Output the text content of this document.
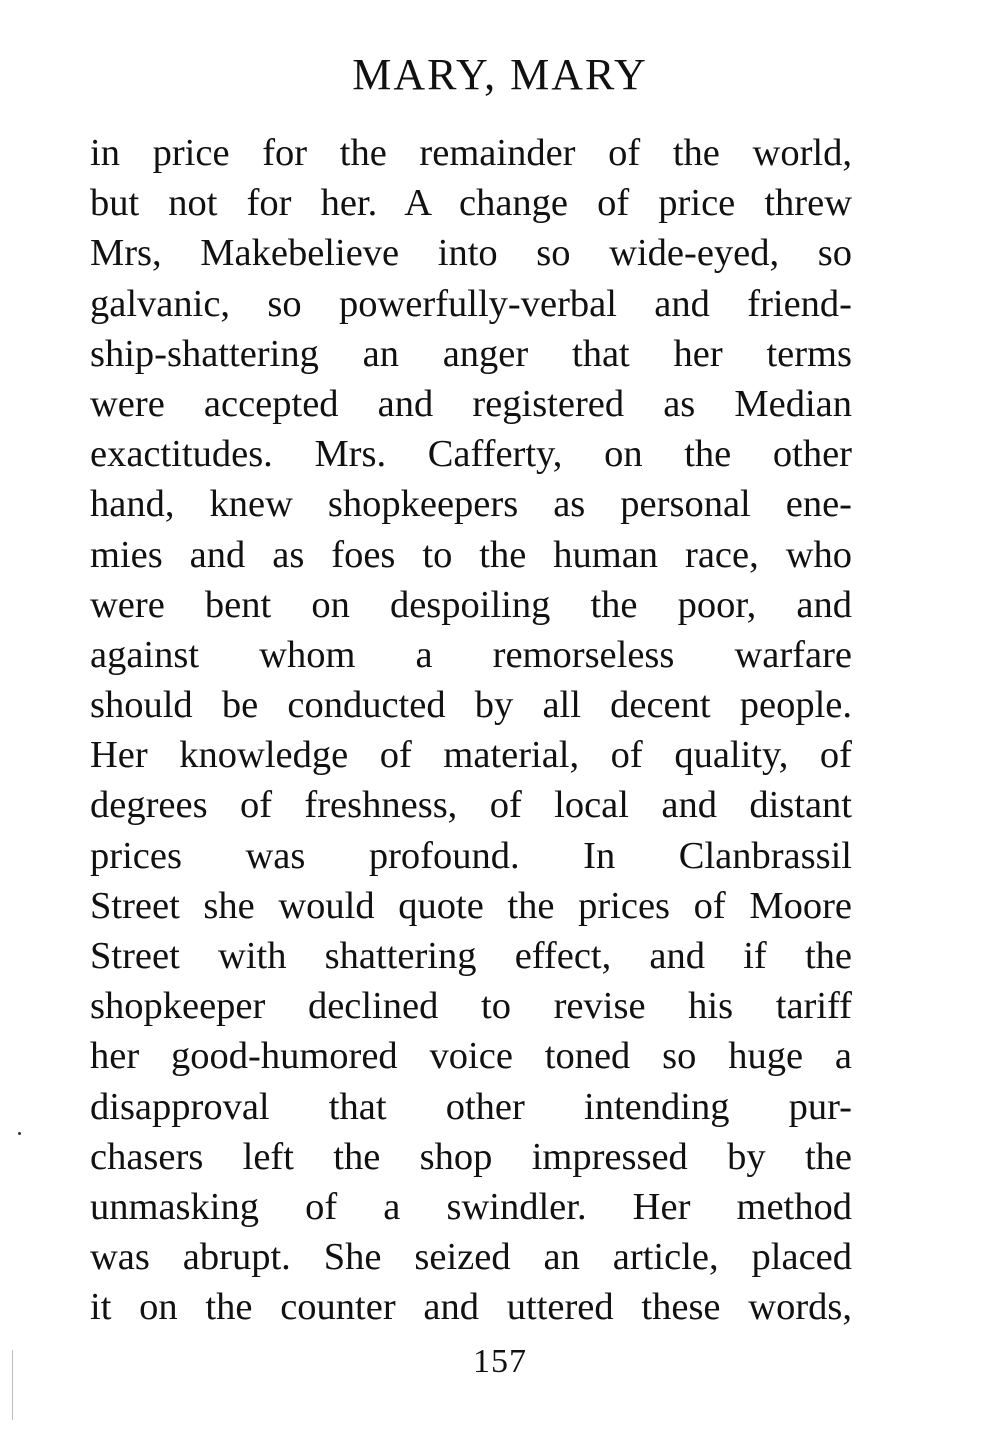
MARY, MARY
in price for the remainder of the world,
but not for her. A change of price threw
Mrs, Makebelieve into so wide-eyed, so
galvanic, so powerfully-verbal and friend-
ship-shattering an anger that her terms
were accepted and registered as Median
exactitudes. Mrs. Cafferty, on the other
hand, knew shopkeepers as personal ene-
mies and as foes to the human race, who
were bent on despoiling the poor, and
against whom a remorseless warfare
should be conducted by all decent people.
Her knowledge of material, of quality, of
degrees of freshness, of local and distant
prices was profound. In Clanbrassil
Street she would quote the prices of Moore
Street with shattering effect, and if the
shopkeeper declined to revise his tariff
her good-humored voice toned so huge a
disapproval that other intending pur-
chasers left the shop impressed by the
unmasking of a swindler. Her method
was abrupt. She seized an article, placed
it on the counter and uttered these words,
157
